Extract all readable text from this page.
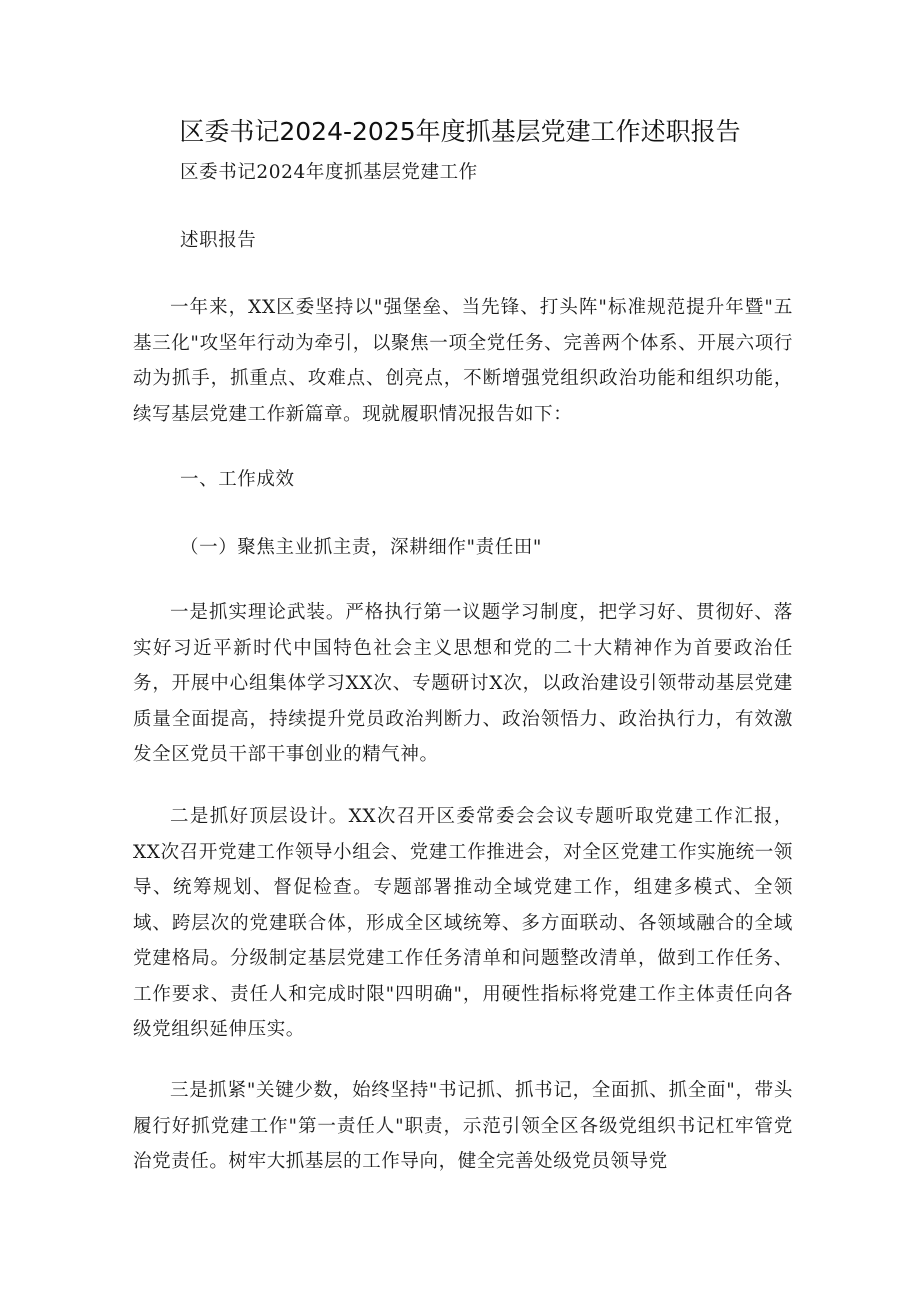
区委书记2024-2025年度抓基层党建工作述职报告
区委书记2024年度抓基层党建工作
述职报告
一年来，XX区委坚持以"强堡垒、当先锋、打头阵"标准规范提升年暨"五基三化"攻坚年行动为牵引，以聚焦一项全党任务、完善两个体系、开展六项行动为抓手，抓重点、攻难点、创亮点，不断增强党组织政治功能和组织功能，续写基层党建工作新篇章。现就履职情况报告如下：
一、工作成效
（一）聚焦主业抓主责，深耕细作"责任田"
一是抓实理论武装。严格执行第一议题学习制度，把学习好、贯彻好、落实好习近平新时代中国特色社会主义思想和党的二十大精神作为首要政治任务，开展中心组集体学习XX次、专题研讨X次，以政治建设引领带动基层党建质量全面提高，持续提升党员政治判断力、政治领悟力、政治执行力，有效激发全区党员干部干事创业的精气神。
二是抓好顶层设计。XX次召开区委常委会会议专题听取党建工作汇报，XX次召开党建工作领导小组会、党建工作推进会，对全区党建工作实施统一领导、统筹规划、督促检查。专题部署推动全域党建工作，组建多模式、全领域、跨层次的党建联合体，形成全区域统筹、多方面联动、各领域融合的全域党建格局。分级制定基层党建工作任务清单和问题整改清单，做到工作任务、工作要求、责任人和完成时限"四明确"，用硬性指标将党建工作主体责任向各级党组织延伸压实。
三是抓紧"关键少数，始终坚持"书记抓、抓书记，全面抓、抓全面"，带头履行好抓党建工作"第一责任人"职责，示范引领全区各级党组织书记杠牢管党治党责任。树牢大抓基层的工作导向，健全完善处级党员领导党
